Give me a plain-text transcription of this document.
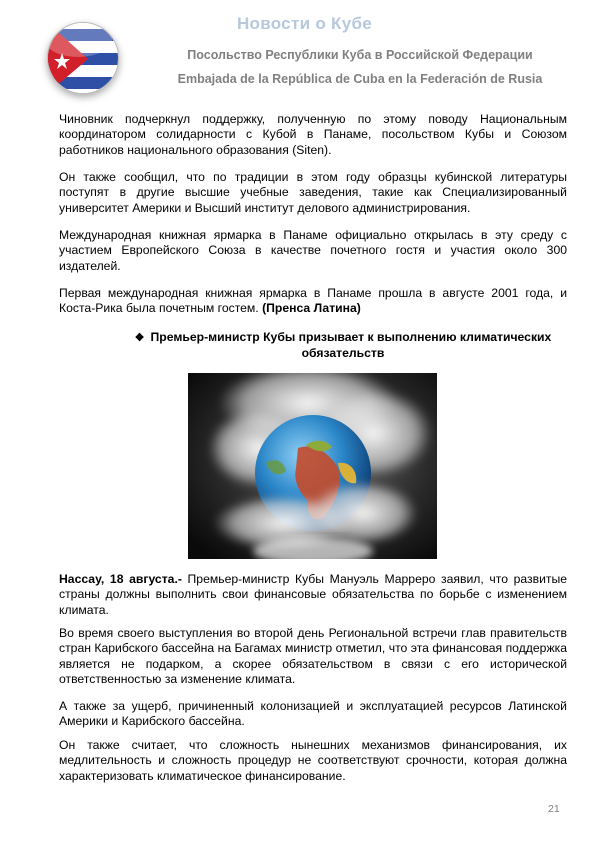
Новости о Кубе
Посольство Республики Куба в Российской Федерации
Embajada de la República de Cuba en la Federación de Rusia
Чиновник подчеркнул поддержку, полученную по этому поводу Национальным координатором солидарности с Кубой в Панаме, посольством Кубы и Союзом работников национального образования (Siten).
Он также сообщил, что по традиции в этом году образцы кубинской литературы поступят в другие высшие учебные заведения, такие как Специализированный университет Америки и Высший институт делового администрирования.
Международная книжная ярмарка в Панаме официально открылась в эту среду с участием Европейского Союза в качестве почетного гостя и участия около 300 издателей.
Первая международная книжная ярмарка в Панаме прошла в августе 2001 года, и Коста-Рика была почетным гостем. (Пренса Латина)
❖ Премьер-министр Кубы призывает к выполнению климатических обязательств
Нассау, 18 августа.- Премьер-министр Кубы Мануэль Марреро заявил, что развитые страны должны выполнить свои финансовые обязательства по борьбе с изменением климата.
Во время своего выступления во второй день Региональной встречи глав правительств стран Карибского бассейна на Багамах министр отметил, что эта финансовая поддержка является не подарком, а скорее обязательством в связи с его исторической ответственностью за изменение климата.
А также за ущерб, причиненный колонизацией и эксплуатацией ресурсов Латинской Америки и Карибского бассейна.
Он также считает, что сложность нынешних механизмов финансирования, их медлительность и сложность процедур не соответствуют срочности, которая должна характеризовать климатическое финансирование.
21
